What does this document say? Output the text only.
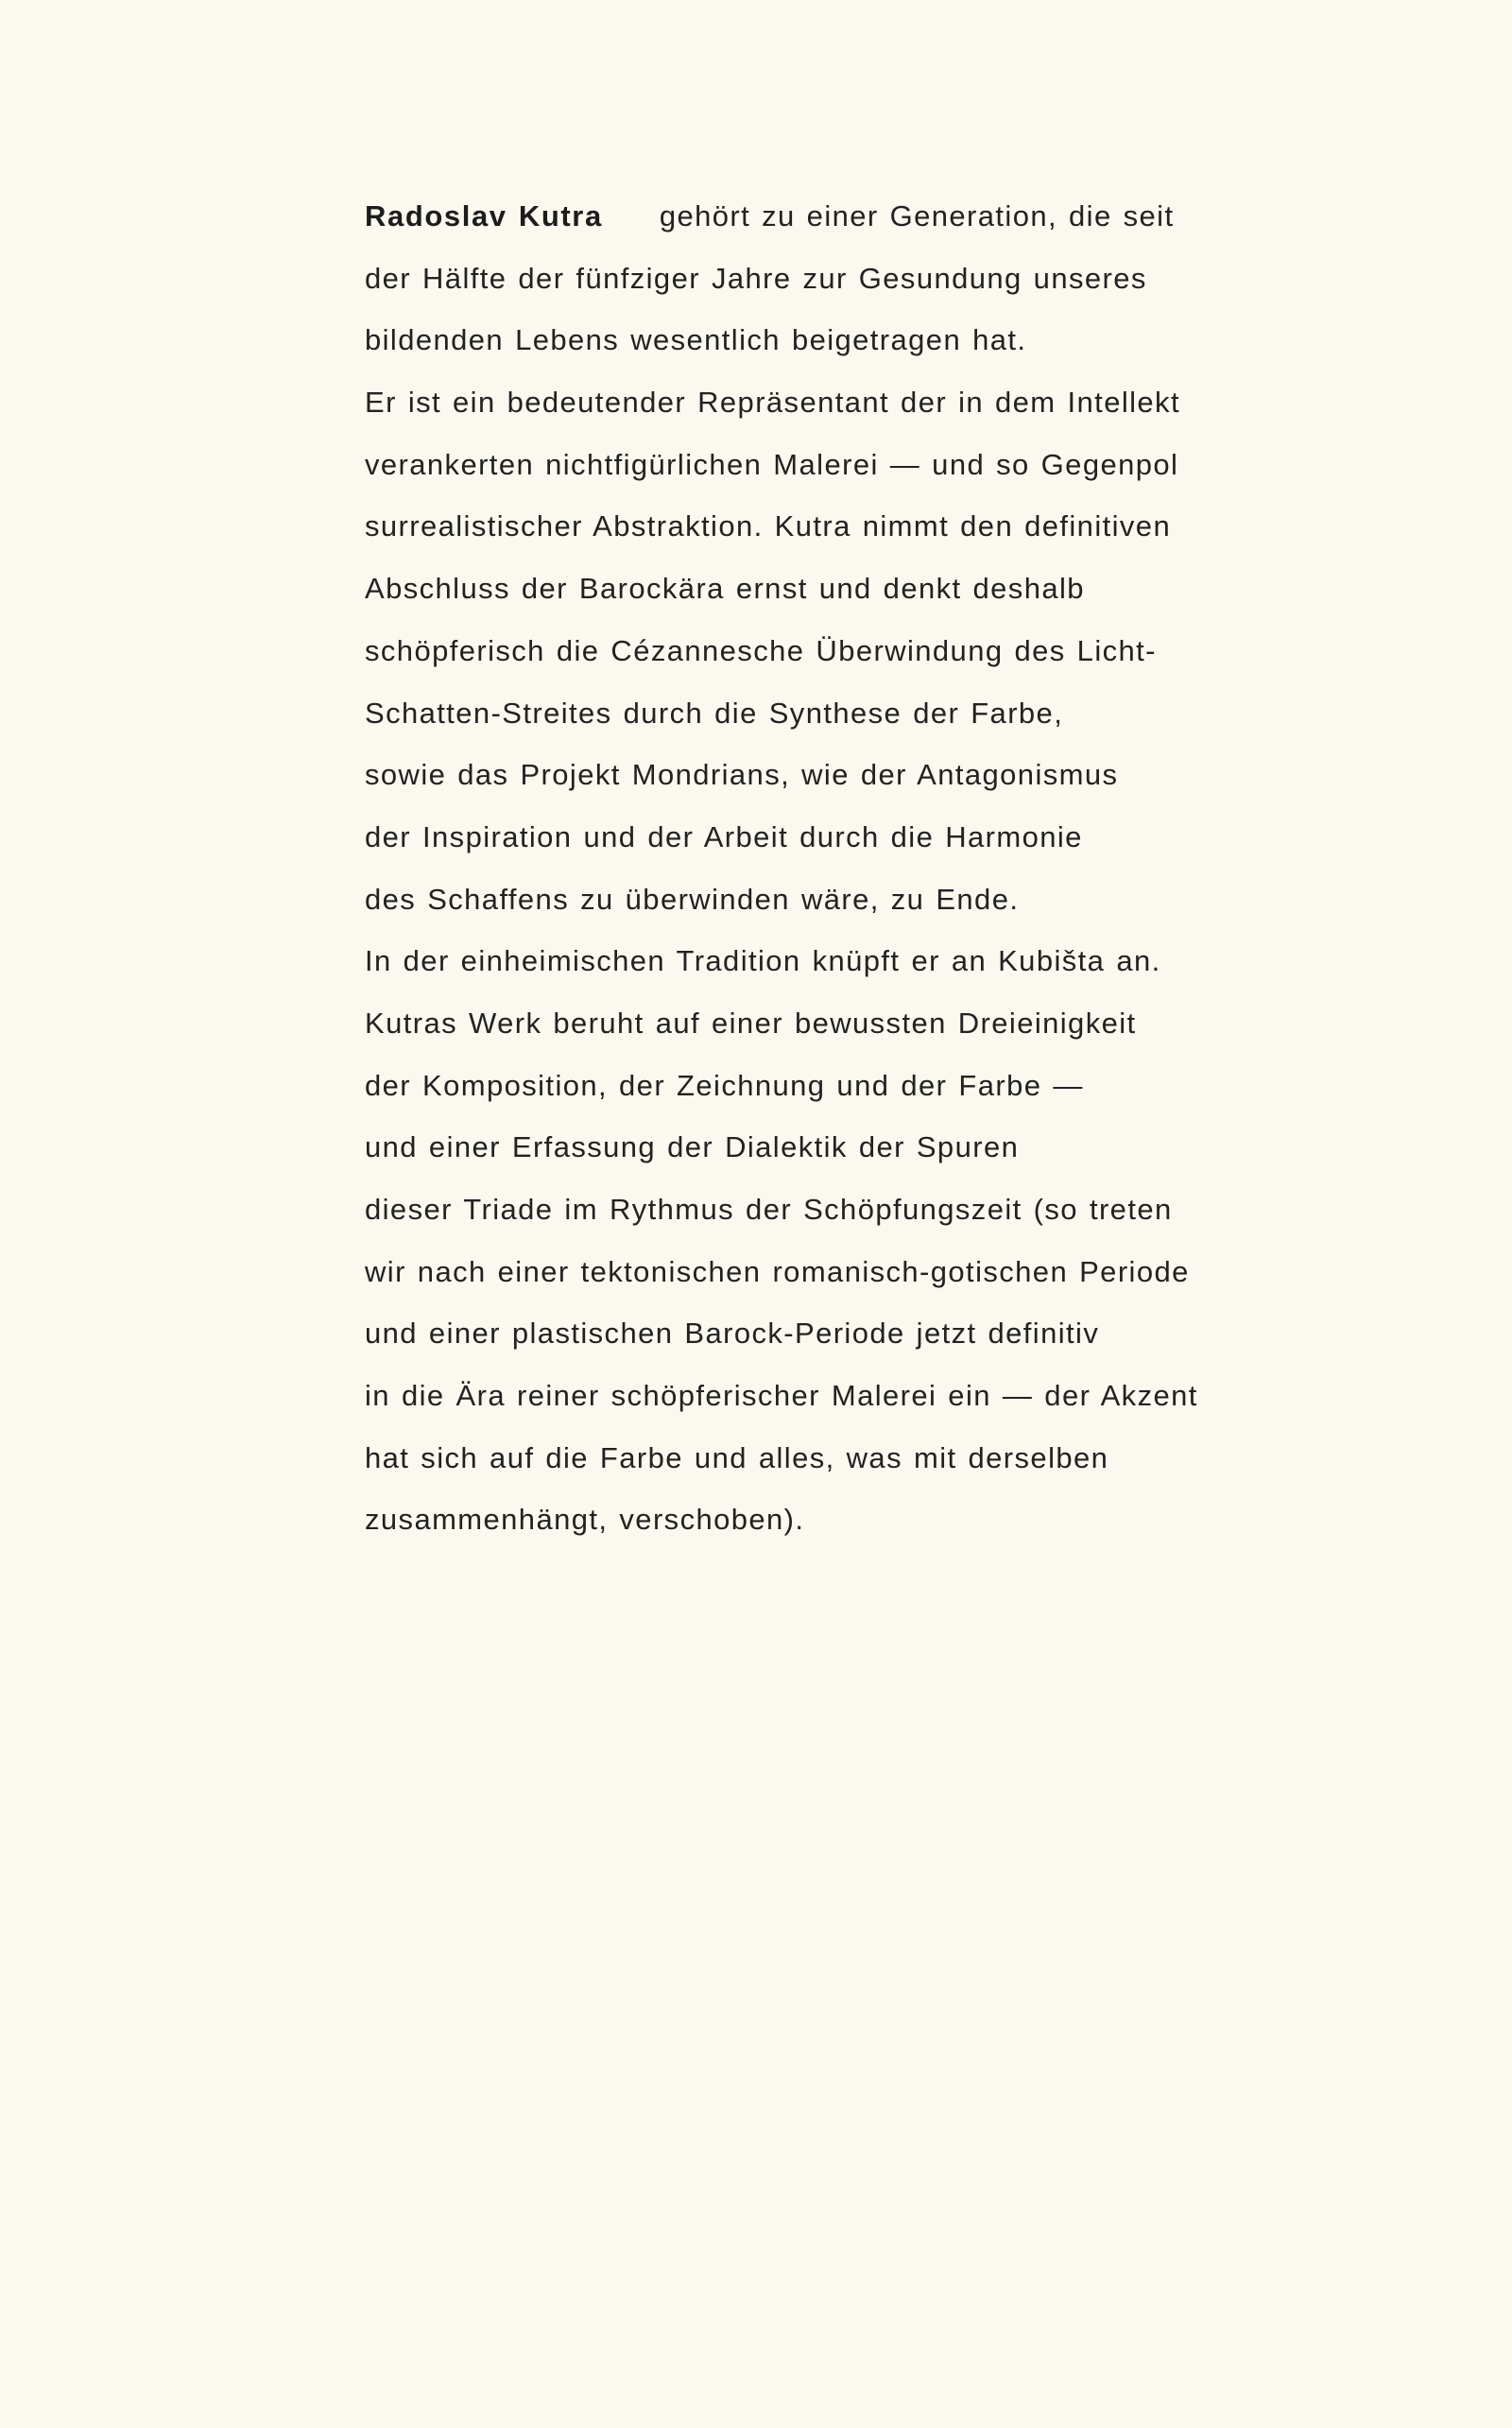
Radoslav Kutra gehört zu einer Generation, die seit
der Hälfte der fünfziger Jahre zur Gesundung unseres
bildenden Lebens wesentlich beigetragen hat.
Er ist ein bedeutender Repräsentant der in dem Intellekt
verankerten nichtfigürlichen Malerei — und so Gegenpol
surrealistischer Abstraktion. Kutra nimmt den definitiven
Abschluss der Barockära ernst und denkt deshalb
schöpferisch die Cézannesche Überwindung des Licht-
Schatten-Streites durch die Synthese der Farbe,
sowie das Projekt Mondrians, wie der Antagonismus
der Inspiration und der Arbeit durch die Harmonie
des Schaffens zu überwinden wäre, zu Ende.
In der einheimischen Tradition knüpft er an Kubišta an.
Kutras Werk beruht auf einer bewussten Dreieinigkeit
der Komposition, der Zeichnung und der Farbe —
und einer Erfassung der Dialektik der Spuren
dieser Triade im Rythmus der Schöpfungszeit (so treten
wir nach einer tektonischen romanisch-gotischen Periode
und einer plastischen Barock-Periode jetzt definitiv
in die Ära reiner schöpferischer Malerei ein — der Akzent
hat sich auf die Farbe und alles, was mit derselben
zusammenhängt, verschoben).
